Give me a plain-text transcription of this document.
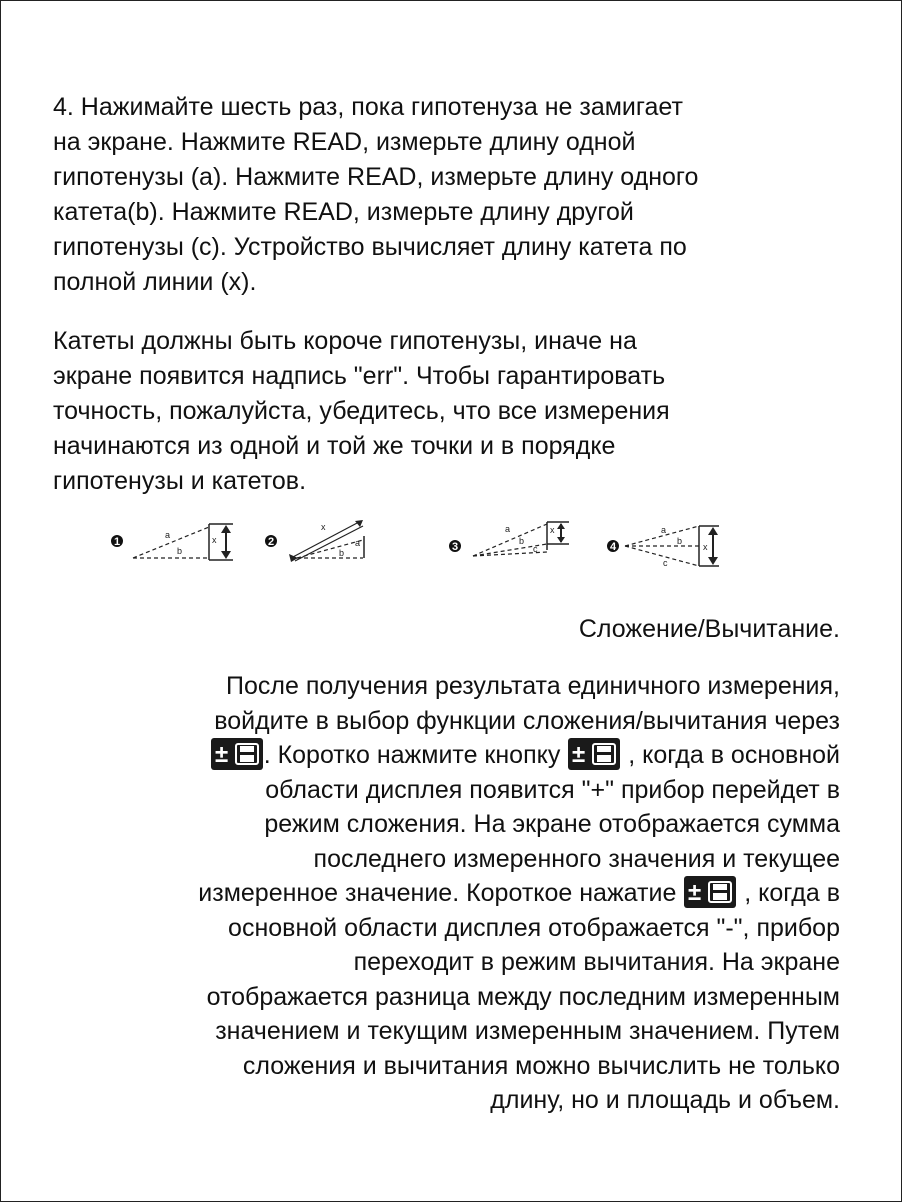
4. Нажимайте шесть раз, пока гипотенуза не замигает
на экране. Нажмите READ, измерьте длину одной
гипотенузы (a). Нажмите READ, измерьте длину одного
катета(b). Нажмите READ, измерьте длину другой
гипотенузы (c). Устройство вычисляет длину катета по
полной линии (x).
Катеты должны быть короче гипотенузы, иначе на
экране появится надпись "err". Чтобы гарантировать
точность, пожалуйста, убедитесь, что все измерения
начинаются из одной и той же точки и в порядке
гипотенузы и катетов.
1
a
b
x	2
x
b
a	3
a
b
c
x
4
a
b
c
x
Сложение/Вычитание.
После получения результата единичного измерения,
войдите в выбор функции сложения/вычитания через
± . Коротко нажмите кнопку ± , когда в основной
области дисплея появится "+" прибор перейдет в
режим сложения. На экране отображается сумма
последнего измеренного значения и текущее
измеренное значение. Короткое нажатие ± , когда в
основной области дисплея отображается "-", прибор
переходит в режим вычитания. На экране
отображается разница между последним измеренным
значением и текущим измеренным значением. Путем
сложения и вычитания можно вычислить не только
длину, но и площадь и объем.
